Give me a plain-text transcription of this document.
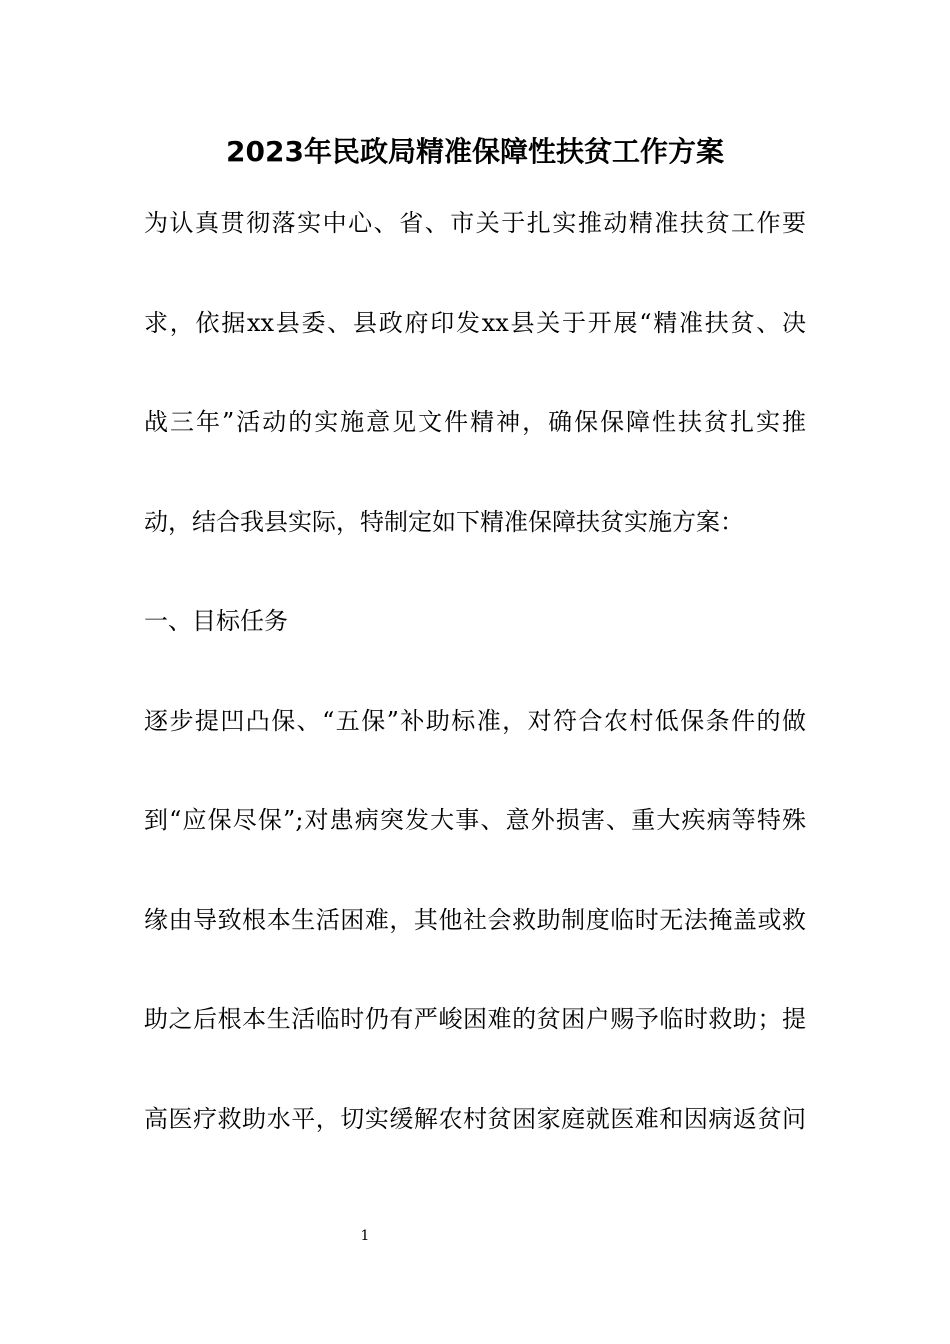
2023年民政局精准保障性扶贫工作方案

为认真贯彻落实中心、省、市关于扎实推动精准扶贫工作要

求，依据xx县委、县政府印发xx县关于开展“精准扶贫、决

战三年”活动的实施意见文件精神，确保保障性扶贫扎实推

动，结合我县实际，特制定如下精准保障扶贫实施方案：

一、目标任务

逐步提凹凸保、“五保”补助标准，对符合农村低保条件的做

到“应保尽保”;对患病突发大事、意外损害、重大疾病等特殊

缘由导致根本生活困难，其他社会救助制度临时无法掩盖或救

助之后根本生活临时仍有严峻困难的贫困户赐予临时救助；提

高医疗救助水平，切实缓解农村贫困家庭就医难和因病返贫问

1
